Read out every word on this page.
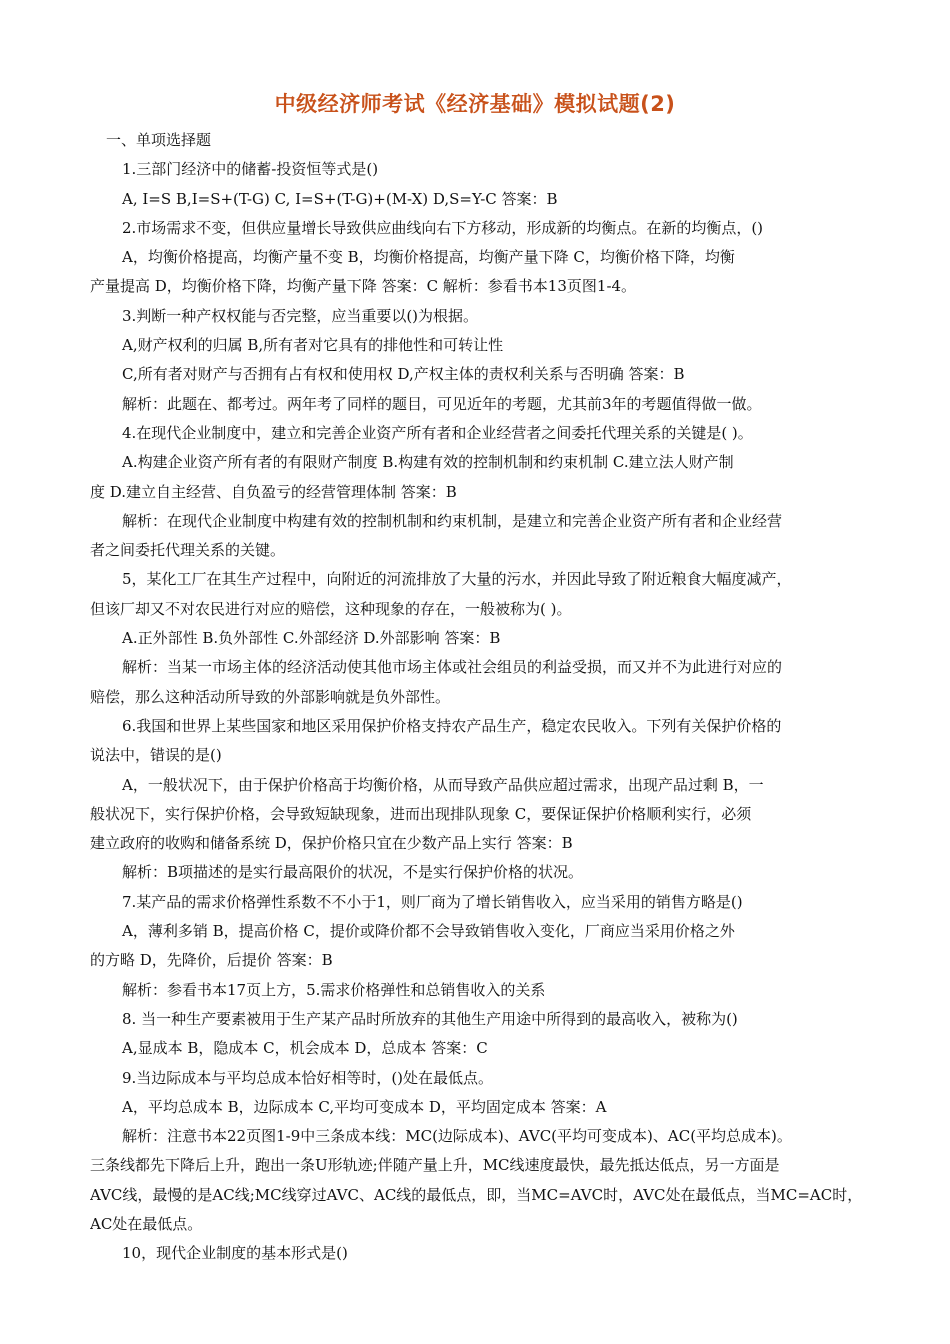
中级经济师考试《经济基础》模拟试题(2)
一、单项选择题
1.三部门经济中的储蓄-投资恒等式是()
A, I=S B,I=S+(T-G) C, I=S+(T-G)+(M-X) D,S=Y-C 答案：B
2.市场需求不变，但供应量增长导致供应曲线向右下方移动，形成新的均衡点。在新的均衡点，()
A，均衡价格提高，均衡产量不变 B，均衡价格提高，均衡产量下降 C，均衡价格下降，均衡
产量提高 D，均衡价格下降，均衡产量下降 答案：C 解析：参看书本13页图1-4。
3.判断一种产权权能与否完整，应当重要以()为根据。
A,财产权利的归属 B,所有者对它具有的排他性和可转让性
C,所有者对财产与否拥有占有权和使用权 D,产权主体的责权利关系与否明确 答案：B
解析：此题在、都考过。两年考了同样的题目，可见近年的考题，尤其前3年的考题值得做一做。
4.在现代企业制度中，建立和完善企业资产所有者和企业经营者之间委托代理关系的关键是( )。
A.构建企业资产所有者的有限财产制度 B.构建有效的控制机制和约束机制 C.建立法人财产制
度 D.建立自主经营、自负盈亏的经营管理体制 答案：B
解析：在现代企业制度中构建有效的控制机制和约束机制，是建立和完善企业资产所有者和企业经营
者之间委托代理关系的关键。
5，某化工厂在其生产过程中，向附近的河流排放了大量的污水，并因此导致了附近粮食大幅度减产，
但该厂却又不对农民进行对应的赔偿，这种现象的存在，一般被称为( )。
A.正外部性 B.负外部性 C.外部经济 D.外部影响 答案：B
解析：当某一市场主体的经济活动使其他市场主体或社会组员的利益受损，而又并不为此进行对应的
赔偿，那么这种活动所导致的外部影响就是负外部性。
6.我国和世界上某些国家和地区采用保护价格支持农产品生产，稳定农民收入。下列有关保护价格的
说法中，错误的是()
A，一般状况下，由于保护价格高于均衡价格，从而导致产品供应超过需求，出现产品过剩 B，一
般状况下，实行保护价格，会导致短缺现象，进而出现排队现象 C，要保证保护价格顺利实行，必须
建立政府的收购和储备系统 D，保护价格只宜在少数产品上实行 答案：B
解析：B项描述的是实行最高限价的状况，不是实行保护价格的状况。
7.某产品的需求价格弹性系数不不小于1，则厂商为了增长销售收入，应当采用的销售方略是()
A，薄利多销 B，提高价格 C，提价或降价都不会导致销售收入变化，厂商应当采用价格之外
的方略 D，先降价，后提价 答案：B
解析：参看书本17页上方，5.需求价格弹性和总销售收入的关系
8. 当一种生产要素被用于生产某产品时所放弃的其他生产用途中所得到的最高收入，被称为()
A,显成本 B，隐成本 C，机会成本 D，总成本 答案：C
9.当边际成本与平均总成本恰好相等时，()处在最低点。
A，平均总成本 B，边际成本 C,平均可变成本 D，平均固定成本 答案：A
解析：注意书本22页图1-9中三条成本线：MC(边际成本)、AVC(平均可变成本)、AC(平均总成本)。
三条线都先下降后上升，跑出一条U形轨迹;伴随产量上升，MC线速度最快，最先抵达低点，另一方面是
AVC线，最慢的是AC线;MC线穿过AVC、AC线的最低点，即，当MC=AVC时，AVC处在最低点，当MC=AC时，
AC处在最低点。
10，现代企业制度的基本形式是()
